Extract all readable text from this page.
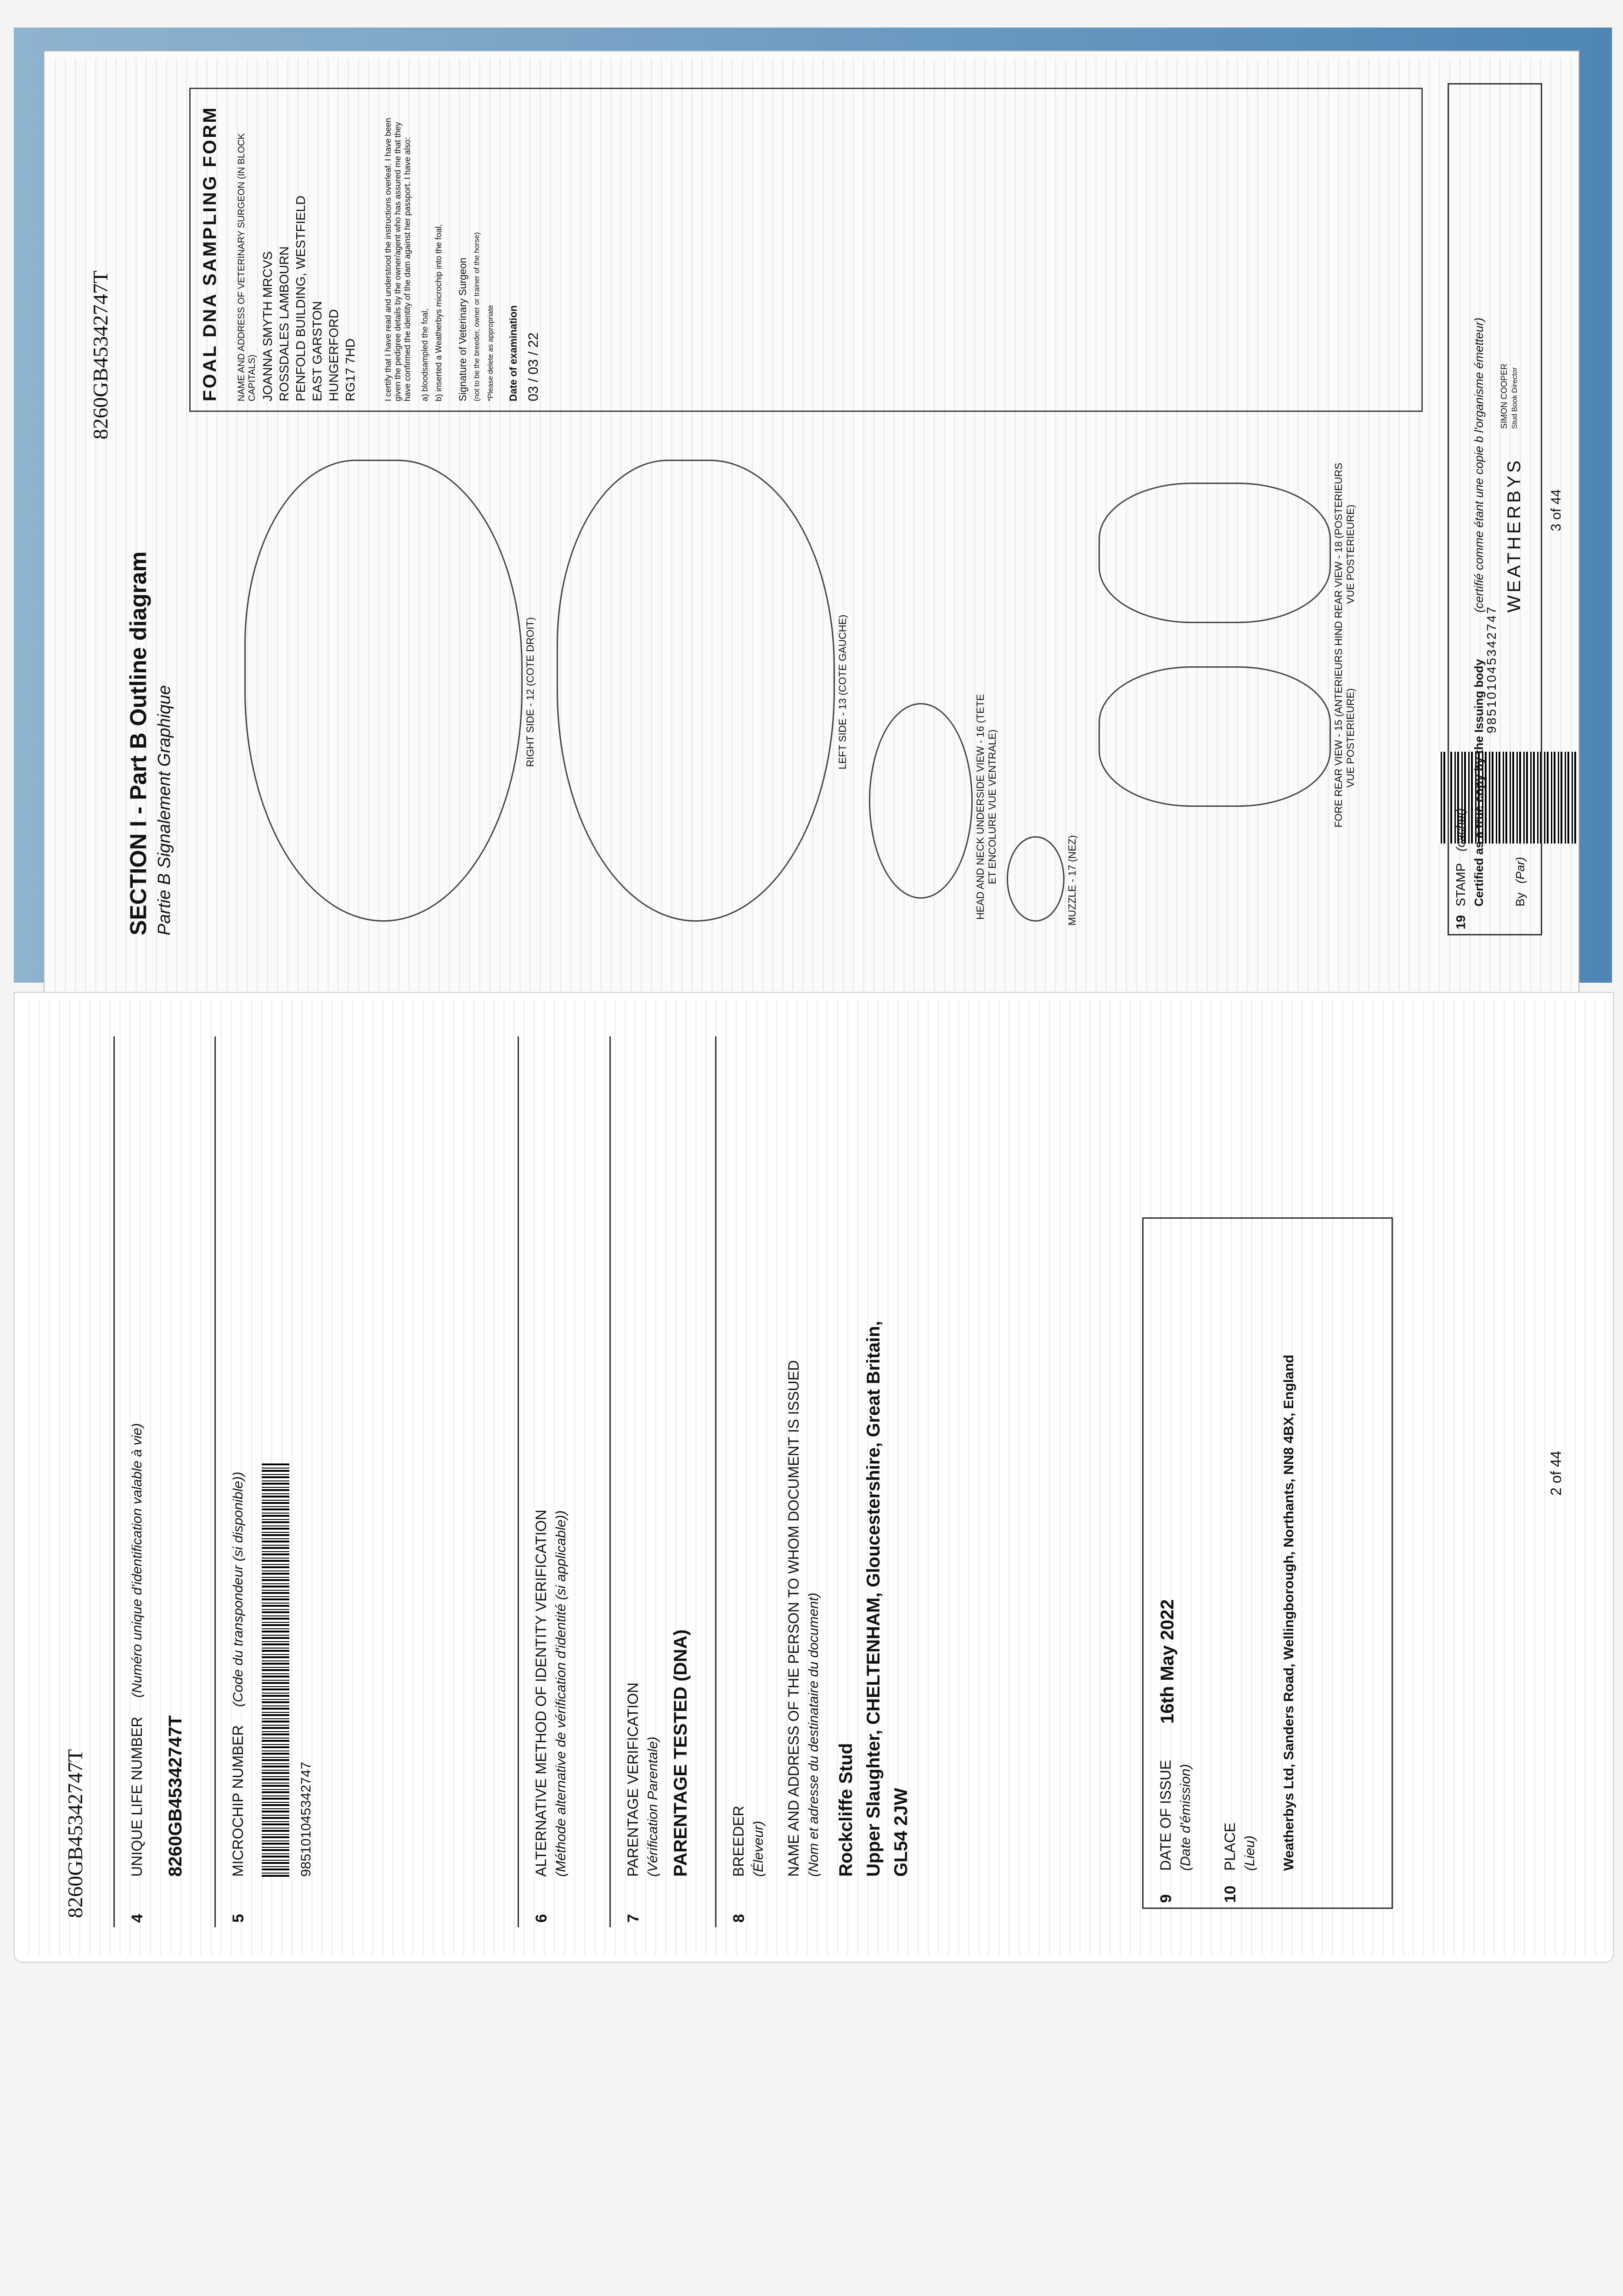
8260GB45342747T
SECTION I - Part B Outline diagram Partie B Signalement Graphique	RIGHT SIDE - 12 (COTE DROIT)	LEFT SIDE - 13 (COTE GAUCHE)
HEAD AND NECK UNDERSIDE VIEW - 16 (TETE ET ENCOLURE VUE VENTRALE)	MUZZLE - 17 (NEZ)
FORE REAR VIEW - 15 (ANTERIEURS VUE POSTERIEURE)
HIND REAR VIEW - 18 (POSTERIEURS VUE POSTERIEURE)
FOAL DNA SAMPLING FORM NAME AND ADDRESS OF VETERINARY SURGEON (IN BLOCK CAPITALS) JOANNA SMYTH MRCVS ROSSDALES LAMBOURN PENFOLD BUILDING, WESTFIELD EAST GARSTON HUNGERFORD RG17 7HD	I certify that I have read and understood the instructions overleaf. I have been given the pedigree details by the owner/agent who has assured me that they have confirmed the identity of the dam against her passport. I have also: a) bloodsampled the foal, b) inserted a Weatherbys microchip into the foal, Signature of Veterinary Surgeon (not to be the breeder, owner or trainer of the horse) *Please delete as appropriate Date of examination 03 / 03 / 22
985101045342747
19
STAMP
(cachet) Certified as a true copy by the Issuing body
(certifié comme étant une copie b l'organisme émetteur)
By
(Par)
WEATHERBYS
SIMON COOPER Stud Book Director
3 of 44
8260GB45342747T
4
UNIQUE LIFE NUMBER
(Numéro unique d'identification valable à vie)
8260GB45342747T
5
MICROCHIP NUMBER
(Code du transpondeur (si disponible))
985101045342747
6
ALTERNATIVE METHOD OF IDENTITY VERIFICATION (Méthode alternative de vérification d'identité (si applicable))
7
PARENTAGE VERIFICATION (Vérification Parentale) PARENTAGE TESTED (DNA)
8
BREEDER (Éleveur) NAME AND ADDRESS OF THE PERSON TO WHOM DOCUMENT IS ISSUED (Nom et adresse du destinataire du document) Rockcliffe Stud Upper Slaughter, CHELTENHAM, Gloucestershire, Great Britain, GL54 2JW
9
DATE OF ISSUE (Date d'émission)
16th May 2022
10
PLACE (Lieu) Weatherbys Ltd, Sanders Road, Wellingborough, Northants, NN8 4BX, England	2 of 44
